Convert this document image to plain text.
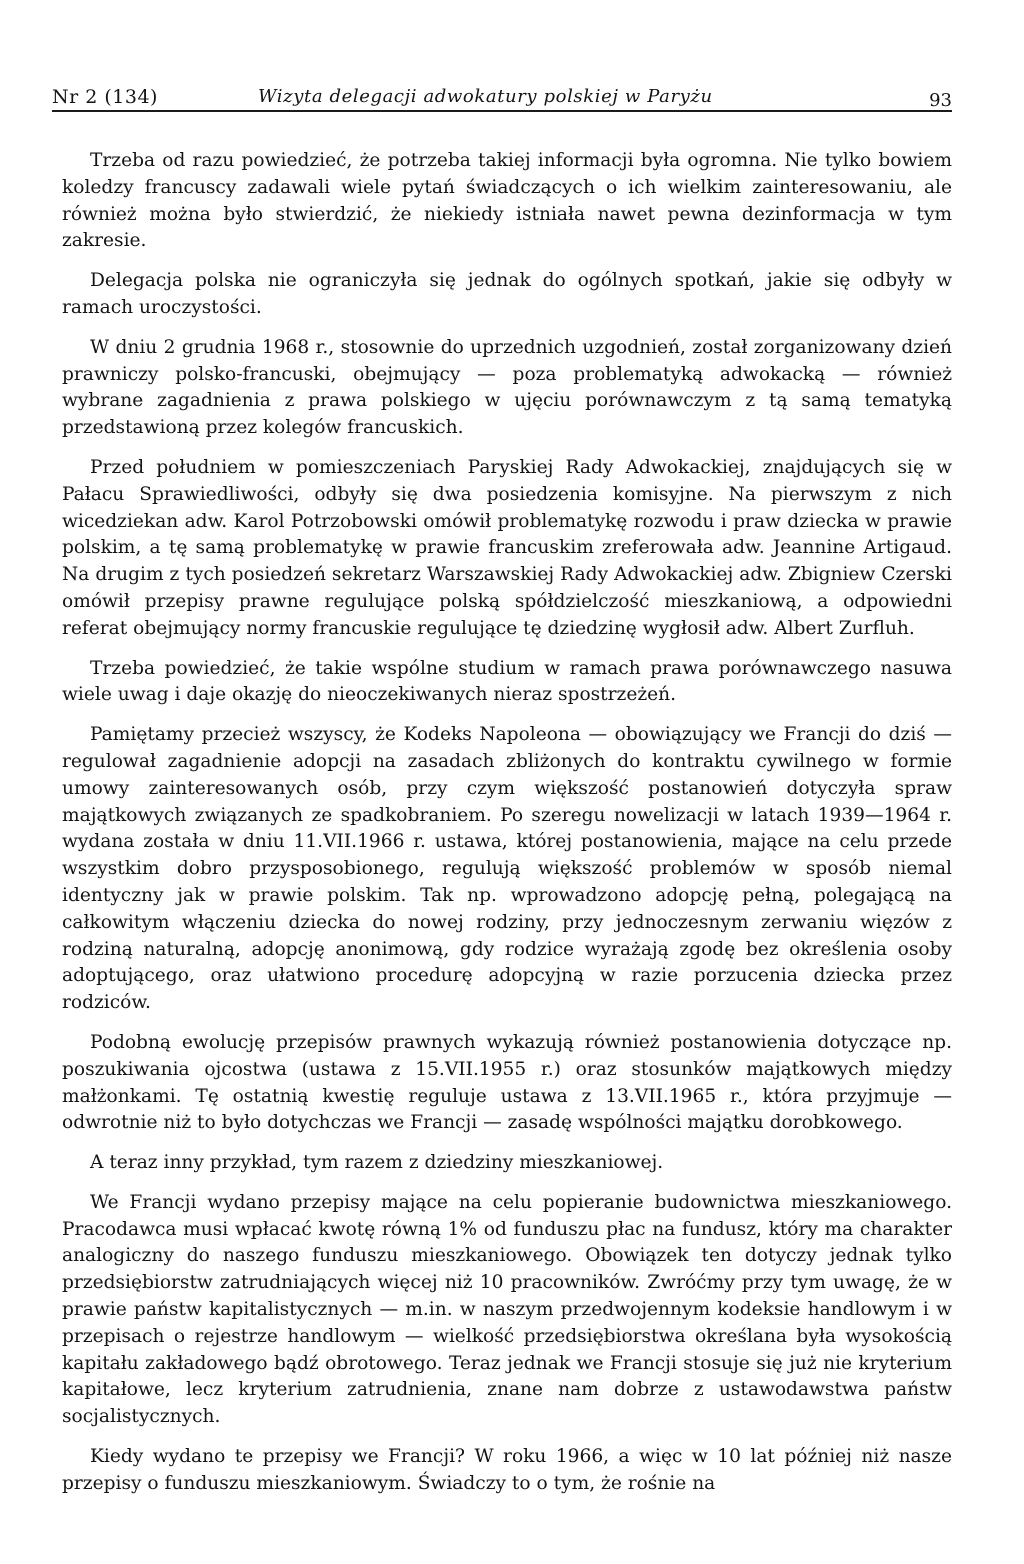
Nr 2 (134)	Wizyta delegacji adwokatury polskiej w Paryżu	93

Trzeba od razu powiedzieć, że potrzeba takiej informacji była ogromna. Nie tylko bowiem koledzy francuscy zadawali wiele pytań świadczących o ich wielkim zainteresowaniu, ale również można było stwierdzić, że niekiedy istniała nawet pewna dezinformacja w tym zakresie.

Delegacja polska nie ograniczyła się jednak do ogólnych spotkań, jakie się odbyły w ramach uroczystości.

W dniu 2 grudnia 1968 r., stosownie do uprzednich uzgodnień, został zorganizowany dzień prawniczy polsko-francuski, obejmujący — poza problematyką adwokacką — również wybrane zagadnienia z prawa polskiego w ujęciu porównawczym z tą samą tematyką przedstawioną przez kolegów francuskich.

Przed południem w pomieszczeniach Paryskiej Rady Adwokackiej, znajdujących się w Pałacu Sprawiedliwości, odbyły się dwa posiedzenia komisyjne. Na pierwszym z nich wicedziekan adw. Karol Potrzobowski omówił problematykę rozwodu i praw dziecka w prawie polskim, a tę samą problematykę w prawie francuskim zreferowała adw. Jeannine Artigaud. Na drugim z tych posiedzeń sekretarz Warszawskiej Rady Adwokackiej adw. Zbigniew Czerski omówił przepisy prawne regulujące polską spółdzielczość mieszkaniową, a odpowiedni referat obejmujący normy francuskie regulujące tę dziedzinę wygłosił adw. Albert Zurfluh.

Trzeba powiedzieć, że takie wspólne studium w ramach prawa porównawczego nasuwa wiele uwag i daje okazję do nieoczekiwanych nieraz spostrzeżeń.

Pamiętamy przecież wszyscy, że Kodeks Napoleona — obowiązujący we Francji do dziś — regulował zagadnienie adopcji na zasadach zbliżonych do kontraktu cywilnego w formie umowy zainteresowanych osób, przy czym większość postanowień dotyczyła spraw majątkowych związanych ze spadkobraniem. Po szeregu nowelizacji w latach 1939—1964 r. wydana została w dniu 11.VII.1966 r. ustawa, której postanowienia, mające na celu przede wszystkim dobro przysposobionego, regulują większość problemów w sposób niemal identyczny jak w prawie polskim. Tak np. wprowadzono adopcję pełną, polegającą na całkowitym włączeniu dziecka do nowej rodziny, przy jednoczesnym zerwaniu więzów z rodziną naturalną, adopcję anonimową, gdy rodzice wyrażają zgodę bez określenia osoby adoptującego, oraz ułatwiono procedurę adopcyjną w razie porzucenia dziecka przez rodziców.

Podobną ewolucję przepisów prawnych wykazują również postanowienia dotyczące np. poszukiwania ojcostwa (ustawa z 15.VII.1955 r.) oraz stosunków majątkowych między małżonkami. Tę ostatnią kwestię reguluje ustawa z 13.VII.1965 r., która przyjmuje — odwrotnie niż to było dotychczas we Francji — zasadę wspólności majątku dorobkowego.

A teraz inny przykład, tym razem z dziedziny mieszkaniowej.

We Francji wydano przepisy mające na celu popieranie budownictwa mieszkaniowego. Pracodawca musi wpłacać kwotę równą 1% od funduszu płac na fundusz, który ma charakter analogiczny do naszego funduszu mieszkaniowego. Obowiązek ten dotyczy jednak tylko przedsiębiorstw zatrudniających więcej niż 10 pracowników. Zwróćmy przy tym uwagę, że w prawie państw kapitalistycznych — m.in. w naszym przedwojennym kodeksie handlowym i w przepisach o rejestrze handlowym — wielkość przedsiębiorstwa określana była wysokością kapitału zakładowego bądź obrotowego. Teraz jednak we Francji stosuje się już nie kryterium kapitałowe, lecz kryterium zatrudnienia, znane nam dobrze z ustawodawstwa państw socjalistycznych.

Kiedy wydano te przepisy we Francji? W roku 1966, a więc w 10 lat później niż nasze przepisy o funduszu mieszkaniowym. Świadczy to o tym, że rośnie na
